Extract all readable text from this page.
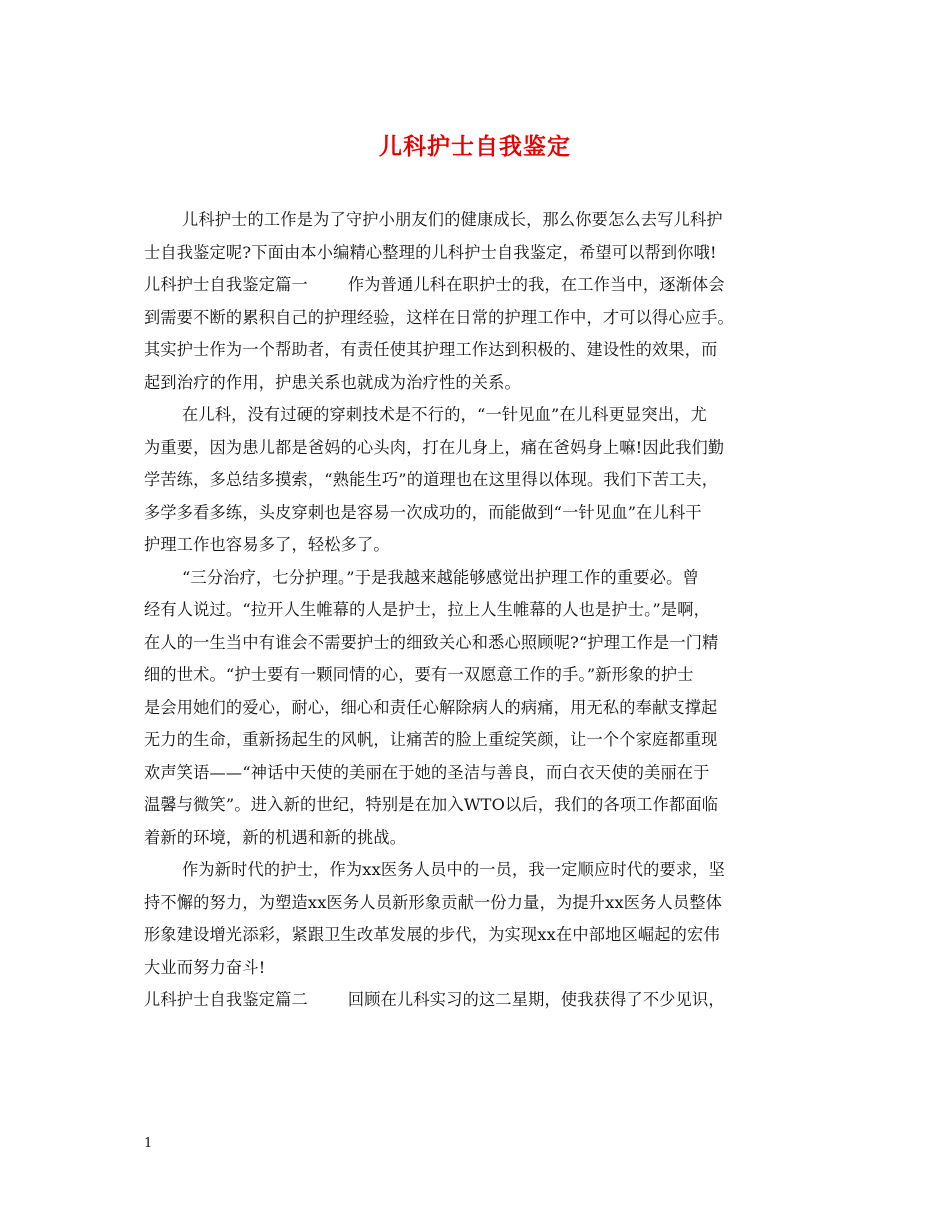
儿科护士自我鉴定
儿科护士的工作是为了守护小朋友们的健康成长，那么你要怎么去写儿科护
士自我鉴定呢?下面由本小编精心整理的儿科护士自我鉴定，希望可以帮到你哦!
儿科护士自我鉴定篇一 作为普通儿科在职护士的我，在工作当中，逐渐体会
到需要不断的累积自己的护理经验，这样在日常的护理工作中，才可以得心应手。
其实护士作为一个帮助者，有责任使其护理工作达到积极的、建设性的效果，而
起到治疗的作用，护患关系也就成为治疗性的关系。
在儿科，没有过硬的穿刺技术是不行的，“一针见血”在儿科更显突出，尤
为重要，因为患儿都是爸妈的心头肉，打在儿身上，痛在爸妈身上嘛!因此我们勤
学苦练，多总结多摸索，“熟能生巧”的道理也在这里得以体现。我们下苦工夫，
多学多看多练，头皮穿刺也是容易一次成功的，而能做到“一针见血”在儿科干
护理工作也容易多了，轻松多了。
“三分治疗，七分护理。”于是我越来越能够感觉出护理工作的重要必。曾
经有人说过。“拉开人生帷幕的人是护士，拉上人生帷幕的人也是护士。”是啊，
在人的一生当中有谁会不需要护士的细致关心和悉心照顾呢?“护理工作是一门精
细的世术。“护士要有一颗同情的心，要有一双愿意工作的手。”新形象的护士
是会用她们的爱心，耐心，细心和责任心解除病人的病痛，用无私的奉献支撑起
无力的生命，重新扬起生的风帆，让痛苦的脸上重绽笑颜，让一个个家庭都重现
欢声笑语——“神话中天使的美丽在于她的圣洁与善良，而白衣天使的美丽在于
温馨与微笑”。进入新的世纪，特别是在加入WTO以后，我们的各项工作都面临
着新的环境，新的机遇和新的挑战。
作为新时代的护士，作为xx医务人员中的一员，我一定顺应时代的要求，坚
持不懈的努力，为塑造xx医务人员新形象贡献一份力量，为提升xx医务人员整体
形象建设增光添彩，紧跟卫生改革发展的步代，为实现xx在中部地区崛起的宏伟
大业而努力奋斗!
儿科护士自我鉴定篇二 回顾在儿科实习的这二星期，使我获得了不少见识，
1
